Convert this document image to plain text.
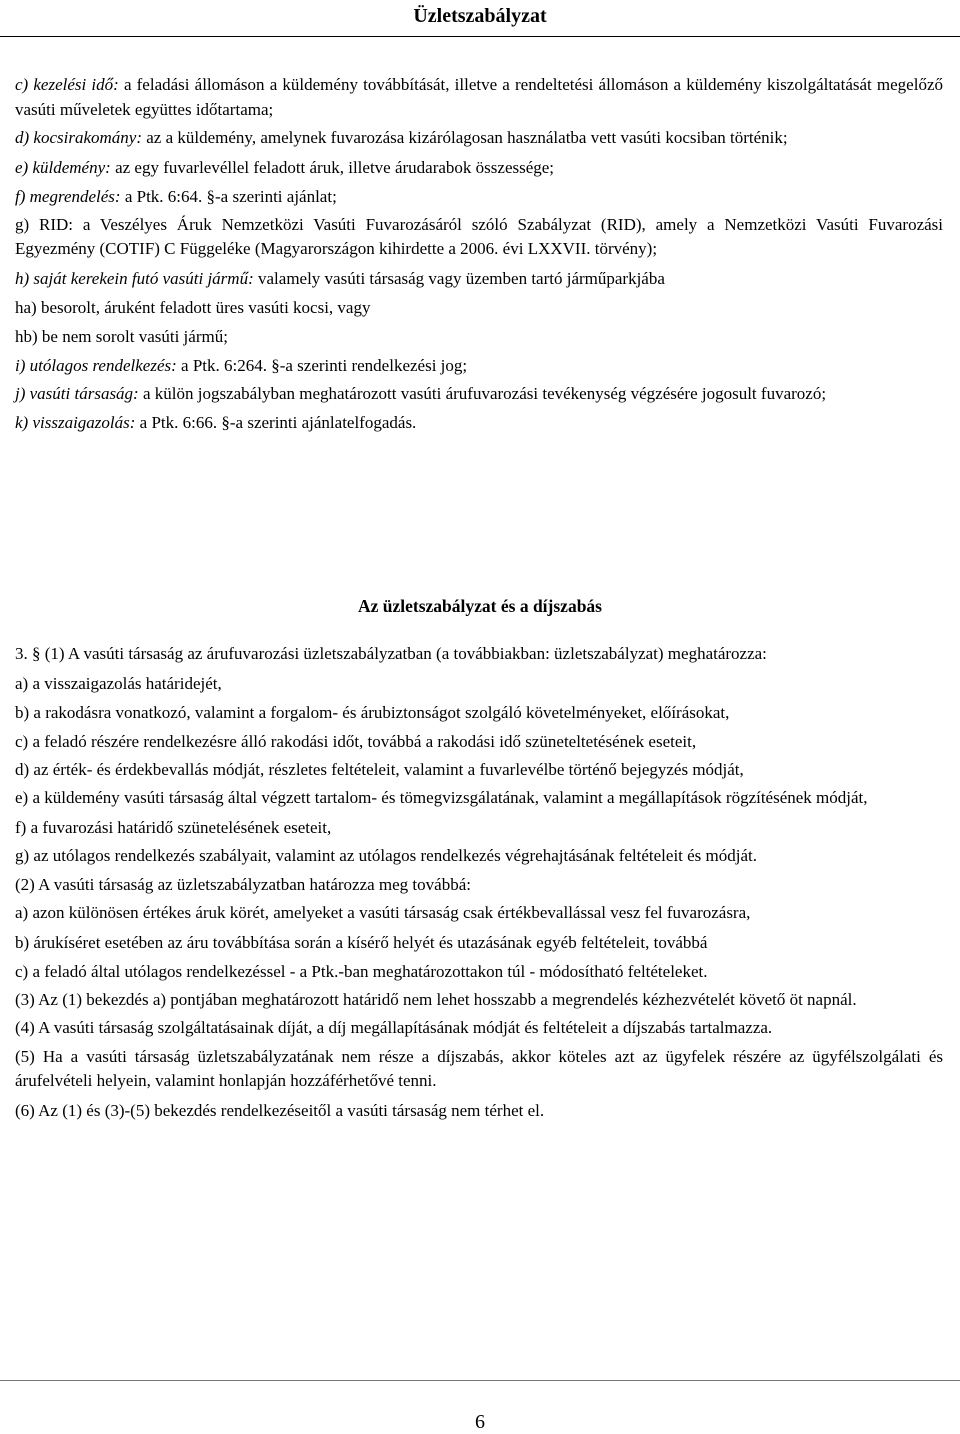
Üzletszabályzat

c) kezelési idő: a feladási állomáson a küldemény továbbítását, illetve a rendeltetési állomáson a küldemény kiszolgáltatását megelőző vasúti műveletek együttes időtartama;

d) kocsirakomány: az a küldemény, amelynek fuvarozása kizárólagosan használatba vett vasúti kocsiban történik;

e) küldemény: az egy fuvarlevéllel feladott áruk, illetve árudarabok összessége;

f) megrendelés: a Ptk. 6:64. §-a szerinti ajánlat;

g) RID: a Veszélyes Áruk Nemzetközi Vasúti Fuvarozásáról szóló Szabályzat (RID), amely a Nemzetközi Vasúti Fuvarozási Egyezmény (COTIF) C Függeléke (Magyarországon kihirdette a 2006. évi LXXVII. törvény);

h) saját kerekein futó vasúti jármű: valamely vasúti társaság vagy üzemben tartó járműparkjába

ha) besorolt, áruként feladott üres vasúti kocsi, vagy

hb) be nem sorolt vasúti jármű;

i) utólagos rendelkezés: a Ptk. 6:264. §-a szerinti rendelkezési jog;

j) vasúti társaság: a külön jogszabályban meghatározott vasúti árufuvarozási tevékenység végzésére jogosult fuvarozó;

k) visszaigazolás: a Ptk. 6:66. §-a szerinti ajánlatelfogadás.

Az üzletszabályzat és a díjszabás

3. § (1) A vasúti társaság az árufuvarozási üzletszabályzatban (a továbbiakban: üzletszabályzat) meghatározza:

a) a visszaigazolás határidejét,

b) a rakodásra vonatkozó, valamint a forgalom- és árubiztonságot szolgáló követelményeket, előírásokat,

c) a feladó részére rendelkezésre álló rakodási időt, továbbá a rakodási idő szüneteltetésének eseteit,

d) az érték- és érdekbevallás módját, részletes feltételeit, valamint a fuvarlevélbe történő bejegyzés módját,

e) a küldemény vasúti társaság által végzett tartalom- és tömegvizsgálatának, valamint a megállapítások rögzítésének módját,

f) a fuvarozási határidő szünetelésének eseteit,

g) az utólagos rendelkezés szabályait, valamint az utólagos rendelkezés végrehajtásának feltételeit és módját.

(2) A vasúti társaság az üzletszabályzatban határozza meg továbbá:

a) azon különösen értékes áruk körét, amelyeket a vasúti társaság csak értékbevallással vesz fel fuvarozásra,

b) árukíséret esetében az áru továbbítása során a kísérő helyét és utazásának egyéb feltételeit, továbbá

c) a feladó által utólagos rendelkezéssel - a Ptk.-ban meghatározottakon túl - módosítható feltételeket.

(3) Az (1) bekezdés a) pontjában meghatározott határidő nem lehet hosszabb a megrendelés kézhezvételét követő öt napnál.

(4) A vasúti társaság szolgáltatásainak díját, a díj megállapításának módját és feltételeit a díjszabás tartalmazza.

(5) Ha a vasúti társaság üzletszabályzatának nem része a díjszabás, akkor köteles azt az ügyfelek részére az ügyfélszolgálati és árufelvételi helyein, valamint honlapján hozzáférhetővé tenni.

(6) Az (1) és (3)-(5) bekezdés rendelkezéseitől a vasúti társaság nem térhet el.

6
